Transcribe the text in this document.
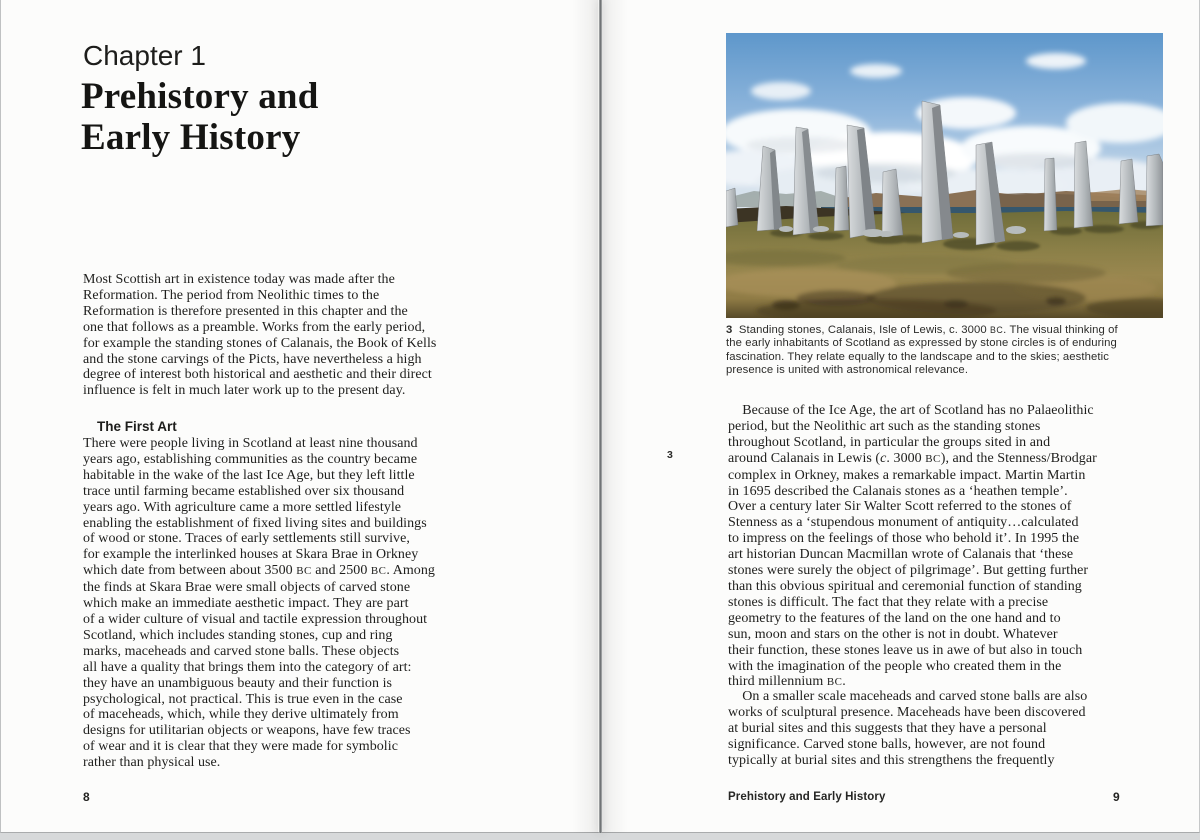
Chapter 1
Prehistory and
Early History
Most Scottish art in existence today was made after the
Reformation. The period from Neolithic times to the
Reformation is therefore presented in this chapter and the
one that follows as a preamble. Works from the early period,
for example the standing stones of Calanais, the Book of Kells
and the stone carvings of the Picts, have nevertheless a high
degree of interest both historical and aesthetic and their direct
influence is felt in much later work up to the present day.
The First Art
There were people living in Scotland at least nine thousand
years ago, establishing communities as the country became
habitable in the wake of the last Ice Age, but they left little
trace until farming became established over six thousand
years ago. With agriculture came a more settled lifestyle
enabling the establishment of fixed living sites and buildings
of wood or stone. Traces of early settlements still survive,
for example the interlinked houses at Skara Brae in Orkney
which date from between about 3500 BC and 2500 BC. Among
the finds at Skara Brae were small objects of carved stone
which make an immediate aesthetic impact. They are part
of a wider culture of visual and tactile expression throughout
Scotland, which includes standing stones, cup and ring
marks, maceheads and carved stone balls. These objects
all have a quality that brings them into the category of art:
they have an unambiguous beauty and their function is
psychological, not practical. This is true even in the case
of maceheads, which, while they derive ultimately from
designs for utilitarian objects or weapons, have few traces
of wear and it is clear that they were made for symbolic
rather than physical use.
8
3  Standing stones, Calanais, Isle of Lewis, c. 3000 BC. The visual thinking of
the early inhabitants of Scotland as expressed by stone circles is of enduring
fascination. They relate equally to the landscape and to the skies; aesthetic
presence is united with astronomical relevance.
3
Because of the Ice Age, the art of Scotland has no Palaeolithic
period, but the Neolithic art such as the standing stones
throughout Scotland, in particular the groups sited in and
around Calanais in Lewis (c. 3000 BC), and the Stenness/Brodgar
complex in Orkney, makes a remarkable impact. Martin Martin
in 1695 described the Calanais stones as a ‘heathen temple’.
Over a century later Sir Walter Scott referred to the stones of
Stenness as a ‘stupendous monument of antiquity…calculated
to impress on the feelings of those who behold it’. In 1995 the
art historian Duncan Macmillan wrote of Calanais that ‘these
stones were surely the object of pilgrimage’. But getting further
than this obvious spiritual and ceremonial function of standing
stones is difficult. The fact that they relate with a precise
geometry to the features of the land on the one hand and to
sun, moon and stars on the other is not in doubt. Whatever
their function, these stones leave us in awe of but also in touch
with the imagination of the people who created them in the
third millennium BC.
On a smaller scale maceheads and carved stone balls are also
works of sculptural presence. Maceheads have been discovered
at burial sites and this suggests that they have a personal
significance. Carved stone balls, however, are not found
typically at burial sites and this strengthens the frequently
Prehistory and Early History	9
